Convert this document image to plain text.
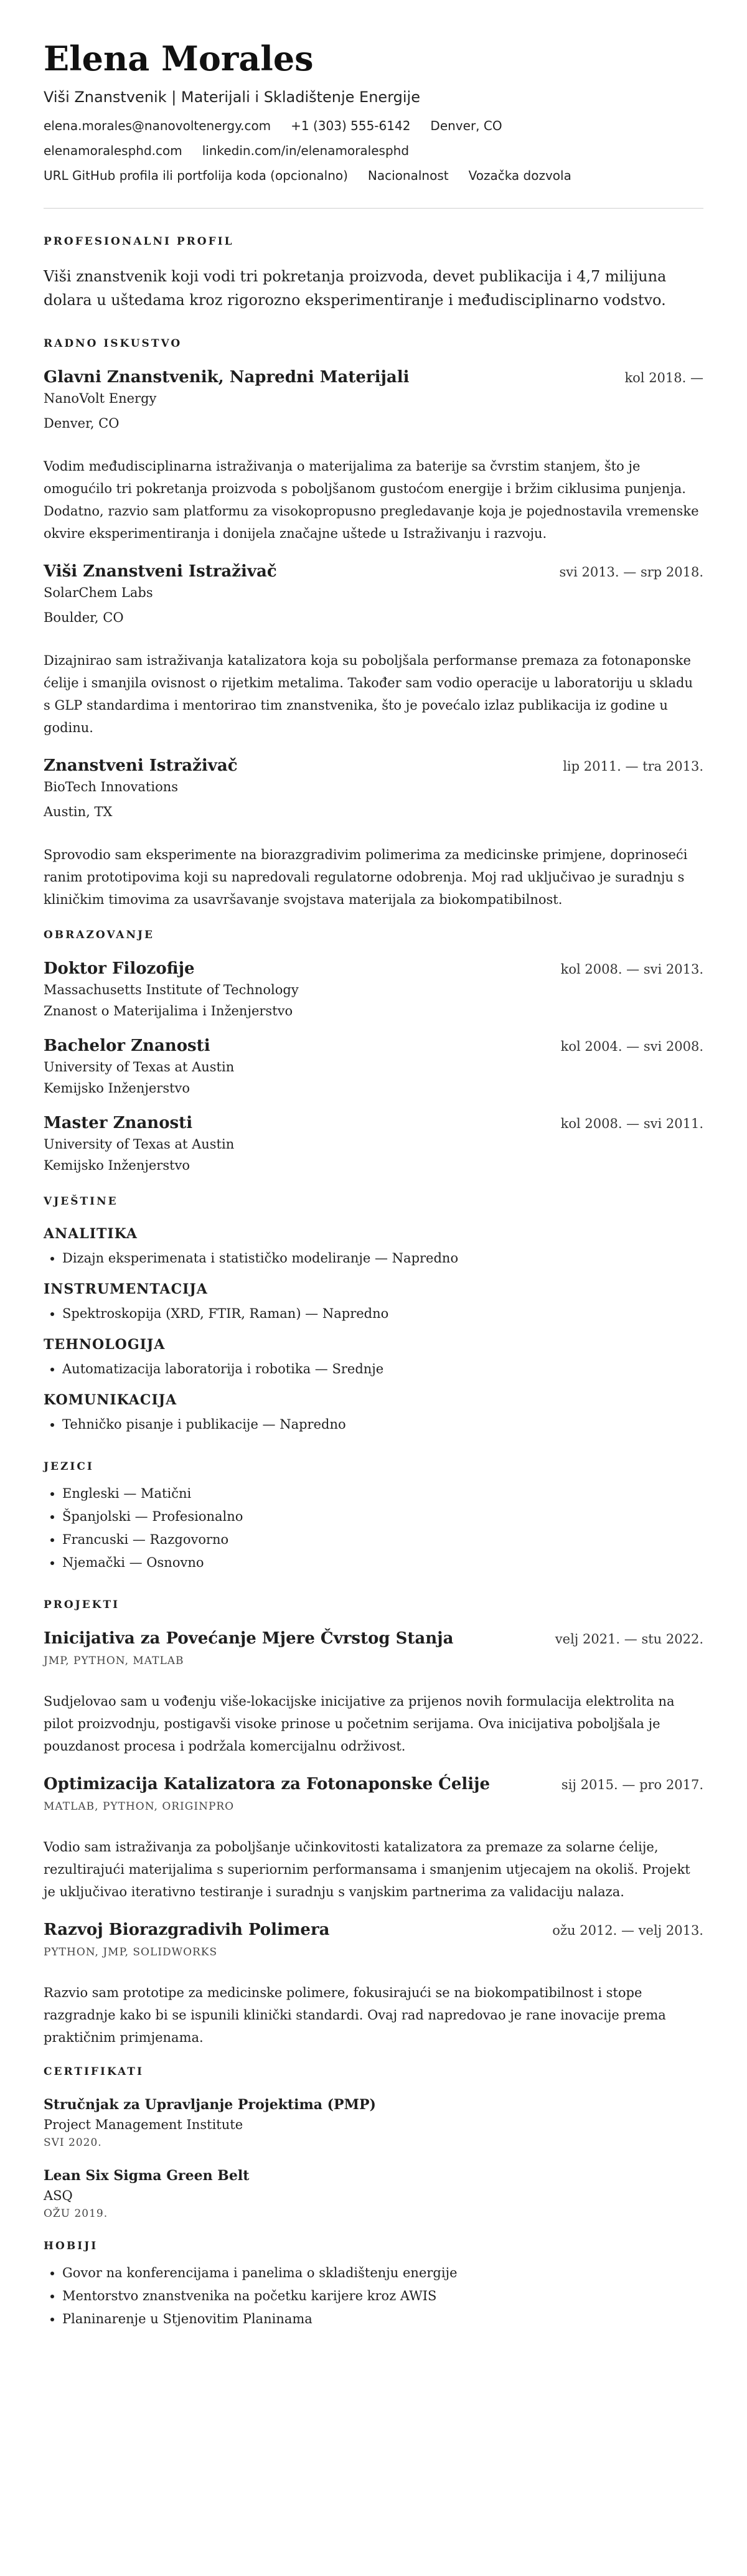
Elena Morales
Viši Znanstvenik | Materijali i Skladištenje Energije
elena.morales@nanovoltenergy.com +1 (303) 555-6142 Denver, CO
elenamoralesphd.com linkedin.com/in/elenamoralesphd
URL GitHub profila ili portfolija koda (opcionalno) Nacionalnost Vozačka dozvola
PROFESIONALNI PROFIL

Viši znanstvenik koji vodi tri pokretanja proizvoda, devet publikacija i 4,7 milijuna dolara u uštedama kroz rigorozno eksperimentiranje i međudisciplinarno vodstvo.

RADNO ISKUSTVO
Glavni Znanstvenik, Napredni Materijali	kol 2018. —
NanoVolt Energy
Denver, CO
Vodim međudisciplinarna istraživanja o materijalima za baterije sa čvrstim stanjem, što je omogućilo tri pokretanja proizvoda s poboljšanom gustoćom energije i bržim ciklusima punjenja. Dodatno, razvio sam platformu za visokopropusno pregledavanje koja je pojednostavila vremenske okvire eksperimentiranja i donijela značajne uštede u Istraživanju i razvoju.
Viši Znanstveni Istraživač	svi 2013. — srp 2018.
SolarChem Labs
Boulder, CO
Dizajnirao sam istraživanja katalizatora koja su poboljšala performanse premaza za fotonaponske ćelije i smanjila ovisnost o rijetkim metalima. Također sam vodio operacije u laboratoriju u skladu s GLP standardima i mentorirao tim znanstvenika, što je povećalo izlaz publikacija iz godine u godinu.
Znanstveni Istraživač	lip 2011. — tra 2013.
BioTech Innovations
Austin, TX
Sprovodio sam eksperimente na biorazgradivim polimerima za medicinske primjene, doprinoseći ranim prototipovima koji su napredovali regulatorne odobrenja. Moj rad uključivao je suradnju s kliničkim timovima za usavršavanje svojstava materijala za biokompatibilnost.
OBRAZOVANJE
Doktor Filozofije	kol 2008. — svi 2013.
Massachusetts Institute of Technology
Znanost o Materijalima i Inženjerstvo
Bachelor Znanosti	kol 2004. — svi 2008.
University of Texas at Austin
Kemijsko Inženjerstvo
Master Znanosti	kol 2008. — svi 2011.
University of Texas at Austin
Kemijsko Inženjerstvo
VJEŠTINE
ANALITIKA
• Dizajn eksperimenata i statističko modeliranje — Napredno
INSTRUMENTACIJA
• Spektroskopija (XRD, FTIR, Raman) — Napredno
TEHNOLOGIJA
• Automatizacija laboratorija i robotika — Srednje
KOMUNIKACIJA
• Tehničko pisanje i publikacije — Napredno
JEZICI
• Engleski — Matični
• Španjolski — Profesionalno
• Francuski — Razgovorno
• Njemački — Osnovno
PROJEKTI
Inicijativa za Povećanje Mjere Čvrstog Stanja	velj 2021. — stu 2022.
JMP, PYTHON, MATLAB
Sudjelovao sam u vođenju više-lokacijske inicijative za prijenos novih formulacija elektrolita na pilot proizvodnju, postigavši visoke prinose u početnim serijama. Ova inicijativa poboljšala je pouzdanost procesa i podržala komercijalnu održivost.
Optimizacija Katalizatora za Fotonaponske Ćelije	sij 2015. — pro 2017.
MATLAB, PYTHON, ORIGINPRO
Vodio sam istraživanja za poboljšanje učinkovitosti katalizatora za premaze za solarne ćelije, rezultirajući materijalima s superiornim performansama i smanjenim utjecajem na okoliš. Projekt je uključivao iterativno testiranje i suradnju s vanjskim partnerima za validaciju nalaza.
Razvoj Biorazgradivih Polimera	ožu 2012. — velj 2013.
PYTHON, JMP, SOLIDWORKS
Razvio sam prototipe za medicinske polimere, fokusirajući se na biokompatibilnost i stope razgradnje kako bi se ispunili klinički standardi. Ovaj rad napredovao je rane inovacije prema praktičnim primjenama.
CERTIFIKATI
Stručnjak za Upravljanje Projektima (PMP)
Project Management Institute
SVI 2020.
Lean Six Sigma Green Belt
ASQ
OŽU 2019.
HOBIJI
• Govor na konferencijama i panelima o skladištenju energije
• Mentorstvo znanstvenika na početku karijere kroz AWIS
• Planinarenje u Stjenovitim Planinama
